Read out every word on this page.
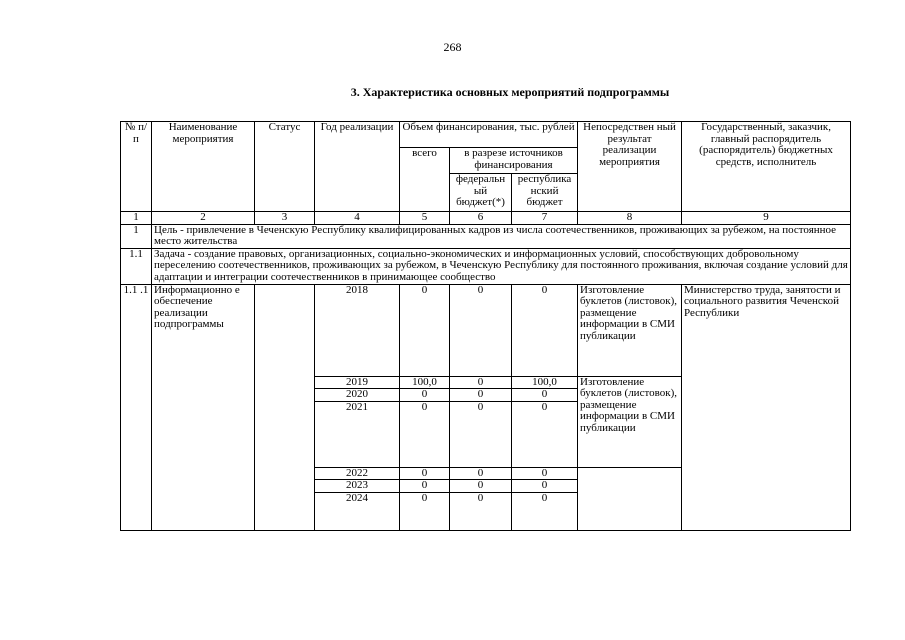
268
3. Характеристика основных мероприятий подпрограммы
№ п/п	Наименование мероприятия	Статус	Год реализации	Объем финансирования, тыс. рублей			Непосредствен ный результат реализации мероприятия	Государственный, заказчик, главный распорядитель (распорядитель) бюджетных средств, исполнитель
				всего	в разрезе источников финансирования			
					федеральн ый бюджет(*)	республика нский бюджет		
1	2	3	4	5	6	7	8	9
1	Цель - привлечение в Чеченскую Республику квалифицированных кадров из числа соотечественников, проживающих за рубежом, на постоянное место жительства							
1.1	Задача - создание правовых, организационных, социально-экономических и информационных условий, способствующих добровольному переселению соотечественников, проживающих за рубежом, в Чеченскую Республику для постоянного проживания, включая создание условий для адаптации и интеграции соотечественников в принимающее сообщество							
1.1 .1	Информационно е обеспечение реализации подпрограммы		2018	0	0	0	Изготовление буклетов (листовок), размещение информации в СМИ публикации	Министерство труда, занятости и социального развития Чеченской Республики
			2019	100,0	0	100,0	Изготовление буклетов (листовок), размещение информации в СМИ публикации	
			2020	0	0	0		
			2021	0	0	0		
			2022	0	0	0		
			2023	0	0	0		
			2024	0	0	0		
